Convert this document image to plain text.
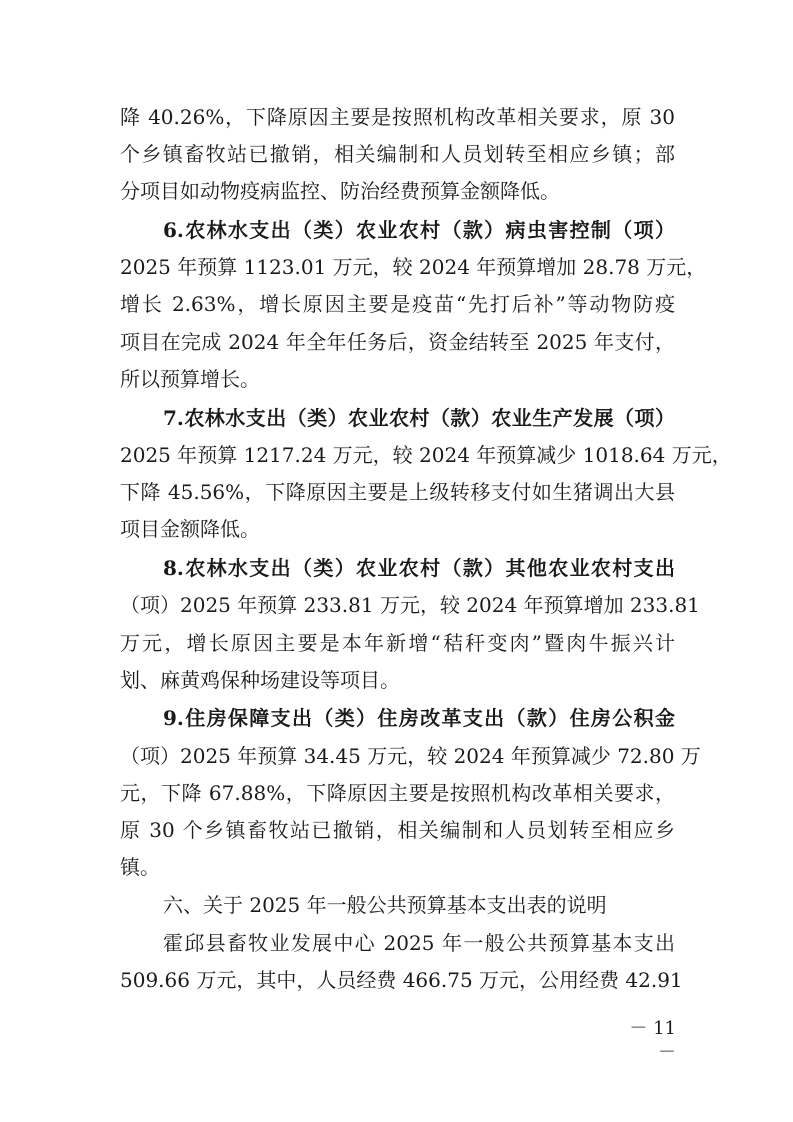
降 40.26%，下降原因主要是按照机构改革相关要求，原 30
个乡镇畜牧站已撤销，相关编制和人员划转至相应乡镇；部
分项目如动物疫病监控、防治经费预算金额降低。
6.农林水支出（类）农业农村（款）病虫害控制（项）
2025 年预算 1123.01 万元，较 2024 年预算增加 28.78 万元，
增长 2.63%，增长原因主要是疫苗“先打后补”等动物防疫
项目在完成 2024 年全年任务后，资金结转至 2025 年支付，
所以预算增长。
7.农林水支出（类）农业农村（款）农业生产发展（项）
2025 年预算 1217.24 万元，较 2024 年预算减少 1018.64 万元，
下降 45.56%，下降原因主要是上级转移支付如生猪调出大县
项目金额降低。
8.农林水支出（类）农业农村（款）其他农业农村支出
（项）2025 年预算 233.81 万元，较 2024 年预算增加 233.81
万元，增长原因主要是本年新增“秸秆变肉”暨肉牛振兴计
划、麻黄鸡保种场建设等项目。
9.住房保障支出（类）住房改革支出（款）住房公积金
（项）2025 年预算 34.45 万元，较 2024 年预算减少 72.80 万
元，下降 67.88%，下降原因主要是按照机构改革相关要求，
原 30 个乡镇畜牧站已撤销，相关编制和人员划转至相应乡
镇。
六、关于 2025 年一般公共预算基本支出表的说明
霍邱县畜牧业发展中心 2025 年一般公共预算基本支出
509.66 万元，其中，人员经费 466.75 万元，公用经费 42.91
－ 11 －
